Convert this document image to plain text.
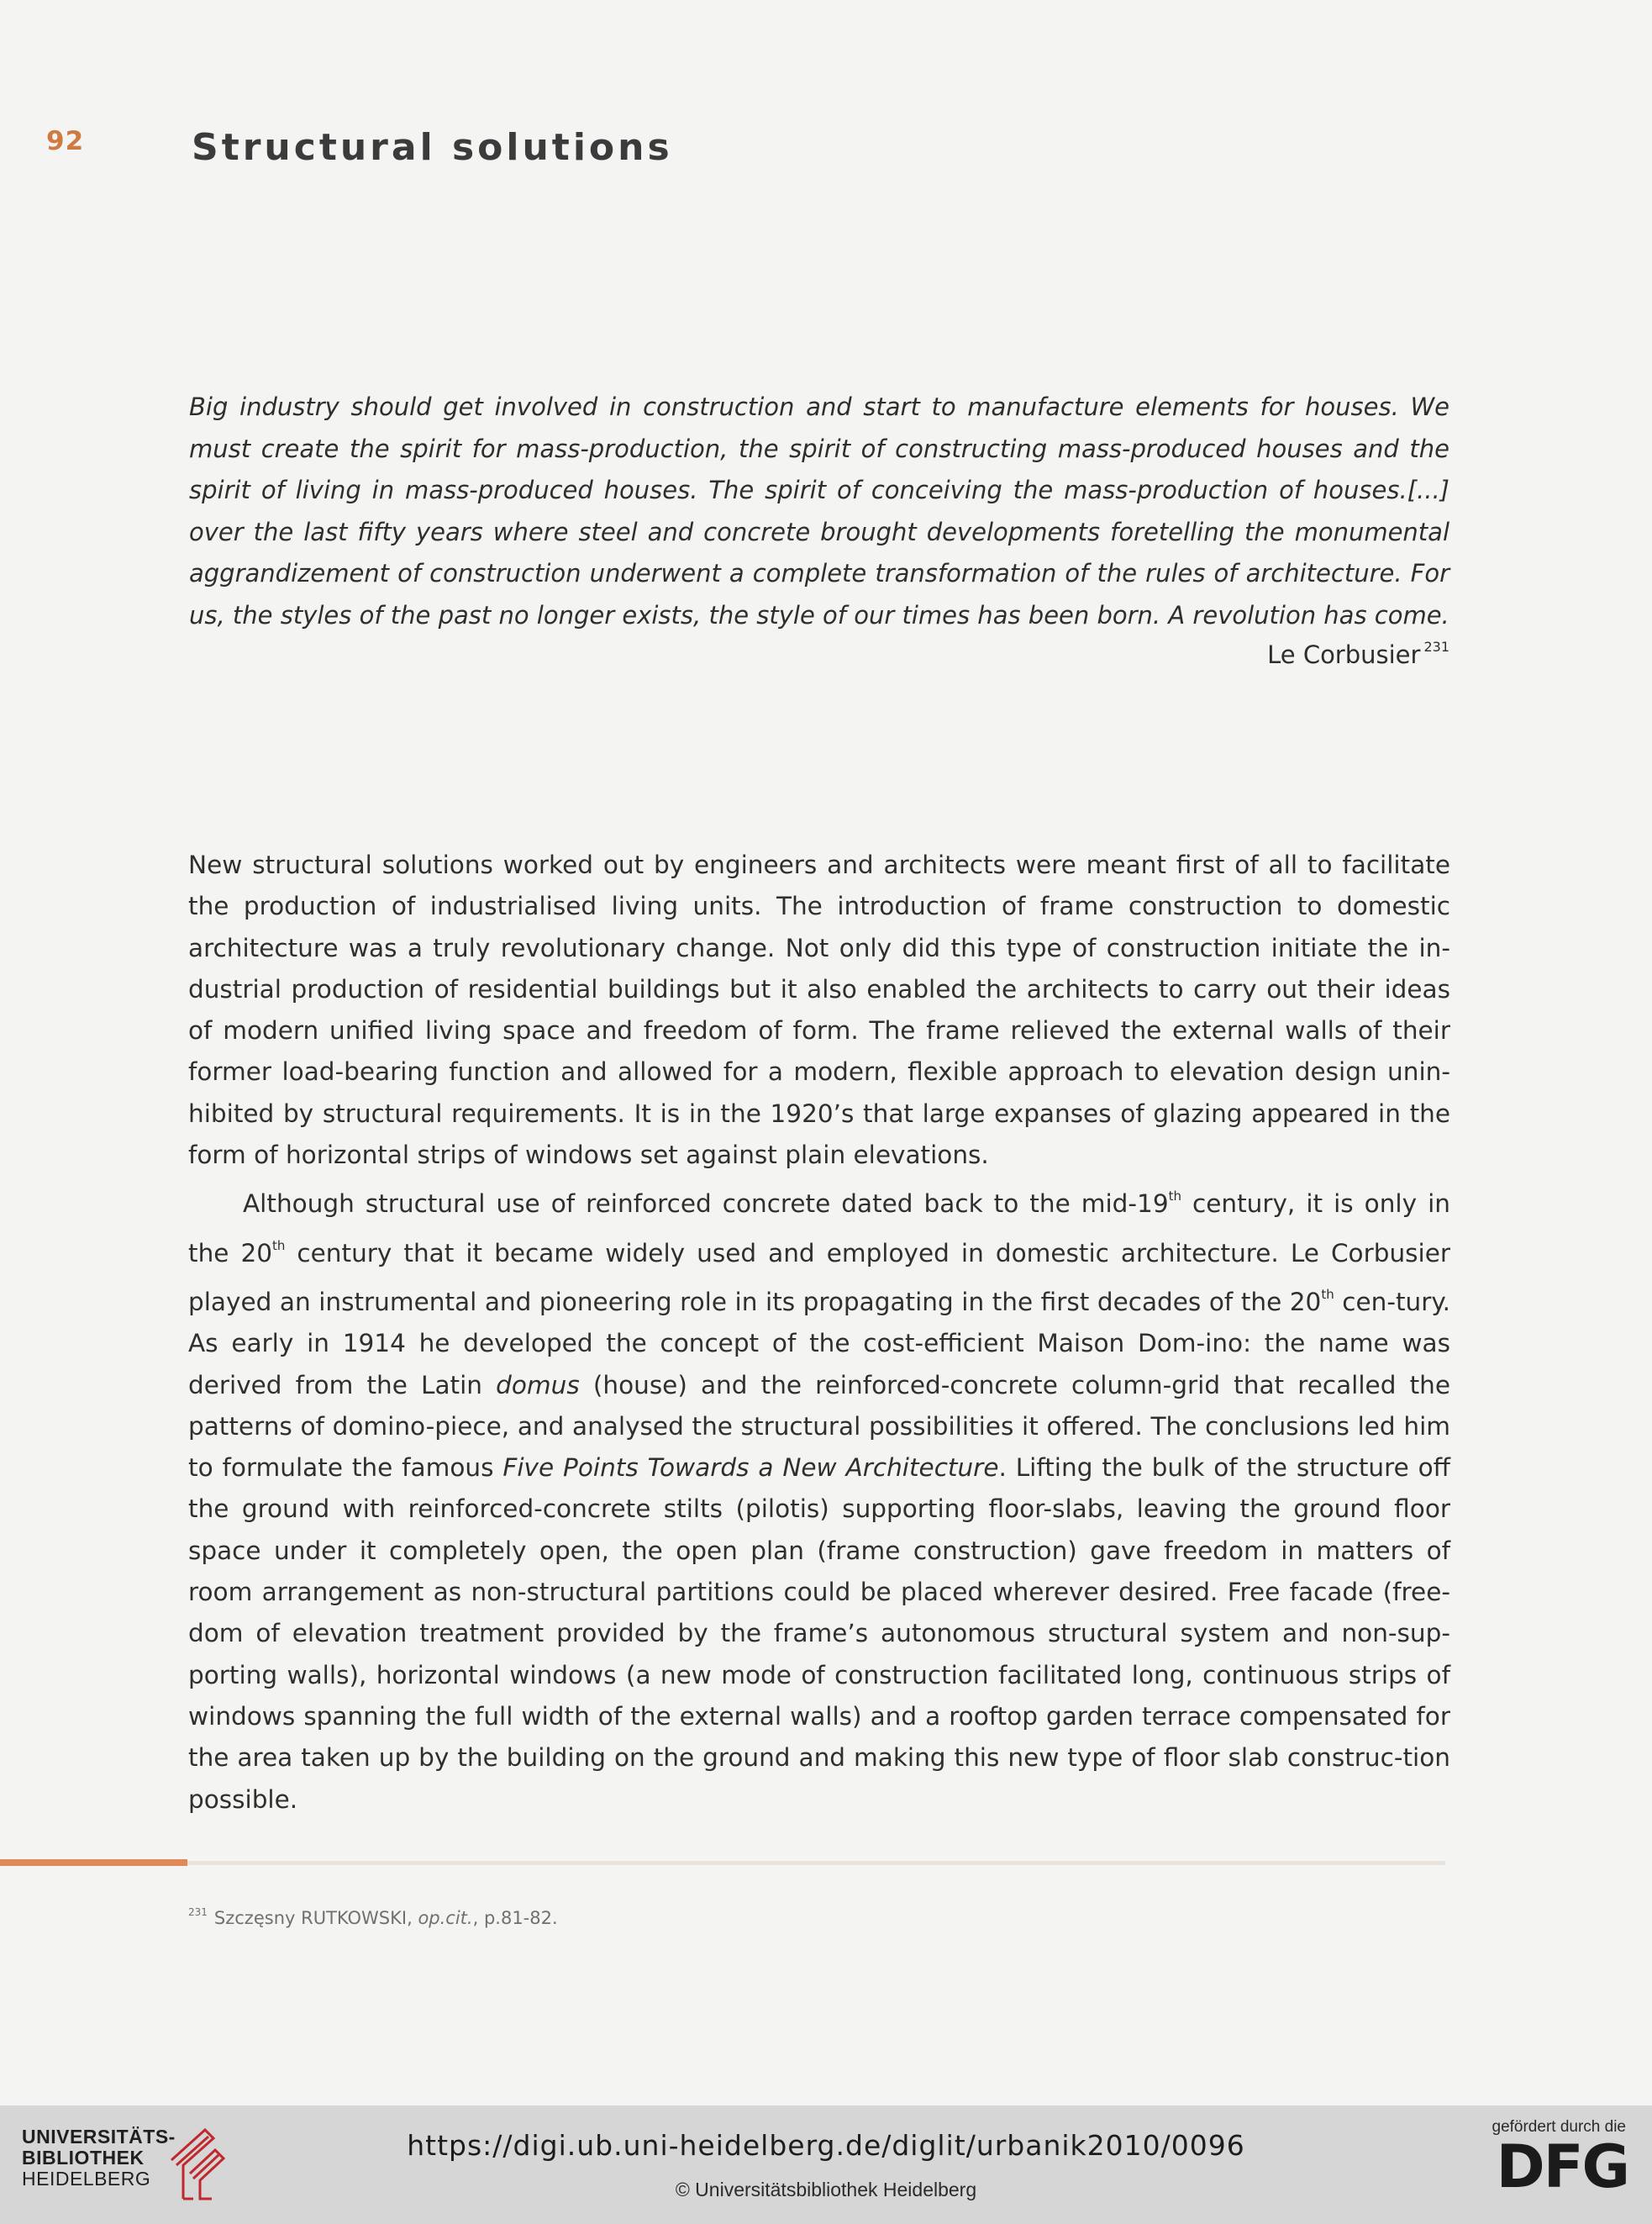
92	Structural solutions
Big industry should get involved in construction and start to manufacture elements for houses. We must create the spirit for mass-production, the spirit of constructing mass-produced houses and the spirit of living in mass-produced houses. The spirit of conceiving the mass-production of houses.[...] over the last fifty years where steel and concrete brought developments foretelling the monumental aggrandizement of construction underwent a complete transformation of the rules of architecture. For us, the styles of the past no longer exists, the style of our times has been born. A revolution has come.
Le Corbusier $^{231}$

New structural solutions worked out by engineers and architects were meant first of all to facilitate the production of industrialised living units. The introduction of frame construction to domestic architecture was a truly revolutionary change. Not only did this type of construction initiate the in-dustrial production of residential buildings but it also enabled the architects to carry out their ideas of modern unified living space and freedom of form. The frame relieved the external walls of their former load-bearing function and allowed for a modern, flexible approach to elevation design unin-hibited by structural requirements. It is in the 1920’s that large expanses of glazing appeared in the form of horizontal strips of windows set against plain elevations.

Although structural use of reinforced concrete dated back to the mid-19th century, it is only in the 20th century that it became widely used and employed in domestic architecture. Le Corbusier played an instrumental and pioneering role in its propagating in the first decades of the 20th cen-tury. As early in 1914 he developed the concept of the cost-efficient Maison Dom-ino: the name was derived from the Latin domus (house) and the reinforced-concrete column-grid that recalled the patterns of domino-piece, and analysed the structural possibilities it offered. The conclusions led him to formulate the famous Five Points Towards a New Architecture. Lifting the bulk of the structure off the ground with reinforced-concrete stilts (pilotis) supporting floor-slabs, leaving the ground floor space under it completely open, the open plan (frame construction) gave freedom in matters of room arrangement as non-structural partitions could be placed wherever desired. Free facade (free-dom of elevation treatment provided by the frame’s autonomous structural system and non-sup-porting walls), horizontal windows (a new mode of construction facilitated long, continuous strips of windows spanning the full width of the external walls) and a rooftop garden terrace compensated for the area taken up by the building on the ground and making this new type of floor slab construc-tion possible.

$^{231}$ Szczęsny RUTKOWSKI, op.cit., p.81-82.
UNIVERSITÄTS-
BIBLIOTHEK
HEIDELBERG
https://digi.ub.uni-heidelberg.de/diglit/urbanik2010/0096
© Universitätsbibliothek Heidelberg
gefördert durch die
DFG
